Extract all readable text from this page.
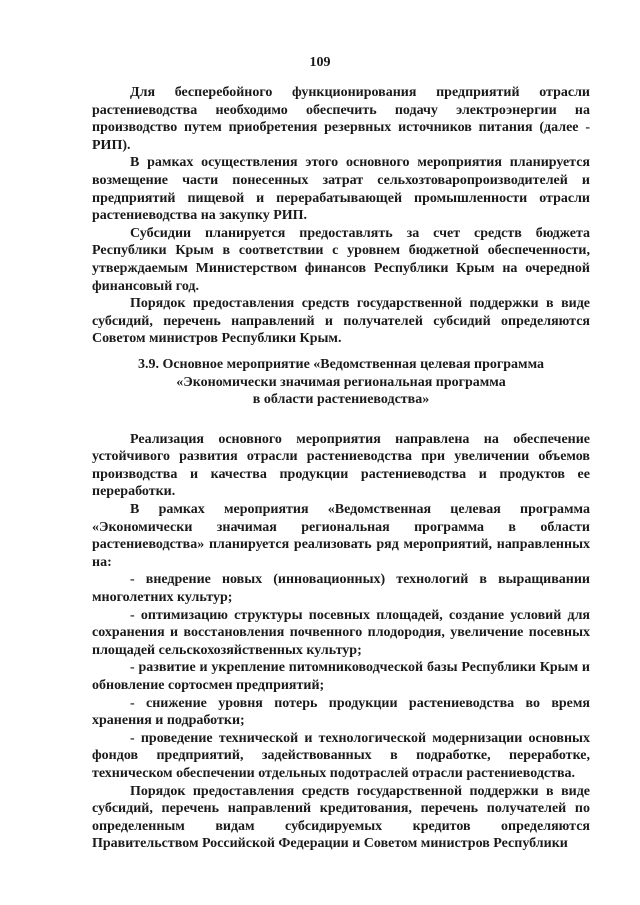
109

Для бесперебойного функционирования предприятий отрасли растениеводства необходимо обеспечить подачу электроэнергии на производство путем приобретения резервных источников питания (далее - РИП).

В рамках осуществления этого основного мероприятия планируется возмещение части понесенных затрат сельхозтоваропроизводителей и предприятий пищевой и перерабатывающей промышленности отрасли растениеводства на закупку РИП.

Субсидии планируется предоставлять за счет средств бюджета Республики Крым в соответствии с уровнем бюджетной обеспеченности, утверждаемым Министерством финансов Республики Крым на очередной финансовый год.

Порядок предоставления средств государственной поддержки в виде субсидий, перечень направлений и получателей субсидий определяются Советом министров Республики Крым.

3.9. Основное мероприятие «Ведомственная целевая программа
«Экономически значимая региональная программа
в области растениеводства»

Реализация основного мероприятия направлена на обеспечение устойчивого развития отрасли растениеводства при увеличении объемов производства и качества продукции растениеводства и продуктов ее переработки.

В рамках мероприятия «Ведомственная целевая программа «Экономически значимая региональная программа в области растениеводства» планируется реализовать ряд мероприятий, направленных на:

- внедрение новых (инновационных) технологий в выращивании многолетних культур;

- оптимизацию структуры посевных площадей, создание условий для сохранения и восстановления почвенного плодородия, увеличение посевных площадей сельскохозяйственных культур;

- развитие и укрепление питомниководческой базы Республики Крым и обновление сортосмен предприятий;

- снижение уровня потерь продукции растениеводства во время хранения и подработки;

- проведение технической и технологической модернизации основных фондов предприятий, задействованных в подработке, переработке, техническом обеспечении отдельных подотраслей отрасли растениеводства.

Порядок предоставления средств государственной поддержки в виде субсидий, перечень направлений кредитования, перечень получателей по определенным видам субсидируемых кредитов определяются Правительством Российской Федерации и Советом министров Республики
